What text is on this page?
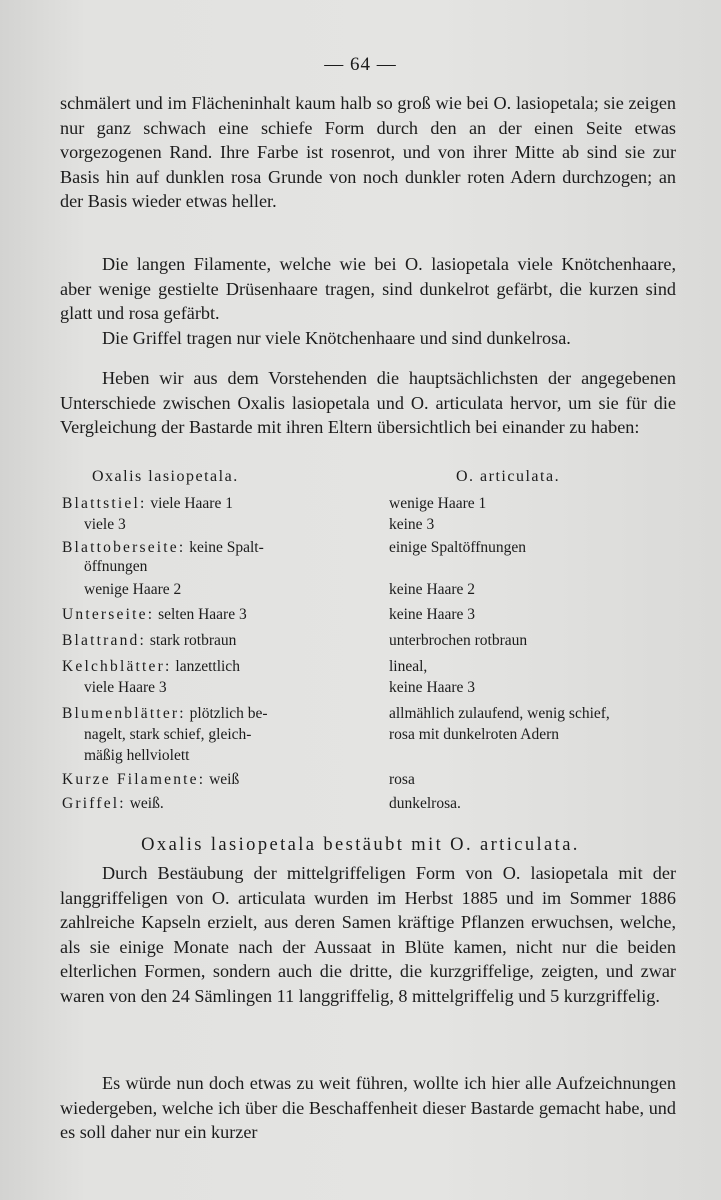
— 64 —

schmälert und im Flächeninhalt kaum halb so groß wie bei O. lasiopetala; sie zeigen nur ganz schwach eine schiefe Form durch den an der einen Seite etwas vorgezogenen Rand. Ihre Farbe ist rosenrot, und von ihrer Mitte ab sind sie zur Basis hin auf dunklen rosa Grunde von noch dunkler roten Adern durchzogen; an der Basis wieder etwas heller.

Die langen Filamente, welche wie bei O. lasiopetala viele Knötchenhaare, aber wenige gestielte Drüsenhaare tragen, sind dunkelrot gefärbt, die kurzen sind glatt und rosa gefärbt.

Die Griffel tragen nur viele Knötchenhaare und sind dunkelrosa.

Heben wir aus dem Vorstehenden die hauptsächlichsten der angegebenen Unterschiede zwischen Oxalis lasiopetala und O. articulata hervor, um sie für die Vergleichung der Bastarde mit ihren Eltern übersichtlich bei einander zu haben:

Oxalis lasiopetala.	O. articulata.
Blattstiel: viele Haare 1	wenige Haare 1
viele 3	keine 3
Blattoberseite: keine Spalt-	einige Spaltöffnungen
öffnungen
wenige Haare 2	keine Haare 2
Unterseite: selten Haare 3	keine Haare 3
Blattrand: stark rotbraun	unterbrochen rotbraun
Kelchblätter: lanzettlich	lineal,
viele Haare 3	keine Haare 3
Blumenblätter: plötzlich be-	allmählich zulaufend, wenig schief,
nagelt, stark schief, gleich-	rosa mit dunkelroten Adern
mäßig hellviolett
Kurze Filamente: weiß	rosa
Griffel: weiß.	dunkelrosa.
Oxalis lasiopetala bestäubt mit O. articulata.

Durch Bestäubung der mittelgriffeligen Form von O. lasiopetala mit der langgriffeligen von O. articulata wurden im Herbst 1885 und im Sommer 1886 zahlreiche Kapseln erzielt, aus deren Samen kräftige Pflanzen erwuchsen, welche, als sie einige Monate nach der Aussaat in Blüte kamen, nicht nur die beiden elterlichen Formen, sondern auch die dritte, die kurzgriffelige, zeigten, und zwar waren von den 24 Sämlingen 11 langgriffelig, 8 mittelgriffelig und 5 kurzgriffelig.

Es würde nun doch etwas zu weit führen, wollte ich hier alle Aufzeichnungen wiedergeben, welche ich über die Beschaffenheit dieser Bastarde gemacht habe, und es soll daher nur ein kurzer
